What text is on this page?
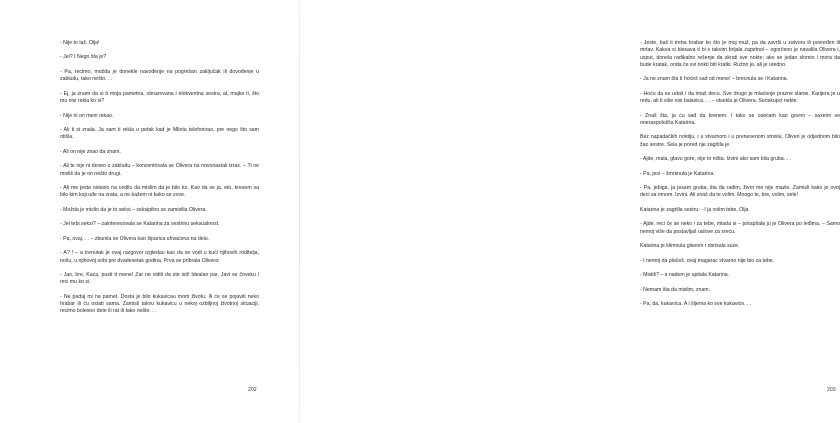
- Nije to laž, Olja!

- Jel? I Nego šta je?

- Pa, recimo, možda je donekle navođenje na pogrešan zaključak ili dovođenje u zabludu, tako nešto. . .

- Ej, ja znam da si ti moja pametna, obrazovana i elokventna sestra, al, majke ti, što mu nisi rekla ko si?

- Nije ni on meni rekao.

- Ali ti si znala. Ja sam ti rekla u petak kad je Mileta telefonirao, pre nego što sam otišla.

- Ali on nije znao da znam.

- Ali te nije ni doveo u zabludu – koncentrisala se Olivera na novonastali izraz. – Ti ne misliš da je on nešto drugi.

- Ali me jeste ostavio na cedilu da mislim da je bilo ko. Kao da se ja, eto, kresem sa bilo kim koji uđe na vrata, a ne kažem ni kako se zove.

- Možda je mislio da je to seksi – seksipilno se zamislila Olivera.

- Jel tebi seksi? – zainteresovala se Katarina za sestrinu seksualnost.

- Pa, ovaj. . . – zbunila se Olivera kao šiparica uhvaćena na delu.

- A? ! – a trenutak je ovaj razgovor izgledao kao da se vodi u kući njihovih roditelja, nošu, u njihovoj sobi pre dvadesetak godina. Prva se pribrala Olivera:

- Jao, bre, Kaća, pusti ti mene! Zar ne vidiš da ste isti! Idealan par. Javi se čoveku i reci mu ko si.

- Ne padaj mi na pamet. Dosta je bilo kukavicau mom životu. Ili će se pojaviti neko hrabar ili ću ostati sama. Zamisli takvu kukavicu u nekoj ozbiljnoj životnoj situaciji, recimo bolesno dete ili rat ili tako nešto. . .

202

- Jeste, baš ti treba hrabar ko što je moj muž, pa da završi u zatvoru ili povređen ili mrtav. Kakva si blesava ti bi s takvim brijala zapetnol – ogorčeno je navalila Olivera i, usput, donela radikalno rešenje da skrati sve nokte; ako se jedan slomio i mora da bude kratak, onda će svi nokti biti kratki. Ružno je, ali je uredno.

- Ja ne znam šta ti hoćeš sad od mene! – brecnula se i Katarina.

- Hoću da se udaš i da imaš decu. Sve drugo je mlaćenje prazne slame. Karijera je u redu, ali ti više nisi balavica. . . – otsekla je Olivera. Seoskupci nekte.

- Znaš šta, ja ću sad da krenem. I tako se osećam kao govno – saxeim se oneraspoložila Katarina.

Bez napadačkih noktiju, i u stvarnom i u prenesenom smislu, Oliveri je odjednom bilo žao sestre. Sela je pored nje zagrlila je.

- Ajde, mala, glavu gore, nije to ništa. Izvini ako sam bila gruba. . .

- Pa, jesi – šmrknula je Katarina.

- Pa, jebiga, ja jesam gruba, šta da radim, život me nije mazio. Zamisli kako je ovoj deci sa mnom. Izvini. Ali znaš da te volim. Mnogo te, bre, volim, sele!

Katarina je zagrlila sestru: - I ja volim tebe, Olja.

- Ajde, reci će se neko i za tebe, mlada si – potapšala ju je Olivera po leđima. – Samo nemoj više da postavljaš uslove za sreću.

Katarina je klimnula glavom i obrisala suze.

- I nemoj da plačeš, ovaj magarac stvarno nije bio za tebe.

- Misliš? – s nadom je upitala Katarina.

- Nemam šta da mislim, znam.

- Pa, da, kukavica. A i šljema ko sve kukavice. . .

203
